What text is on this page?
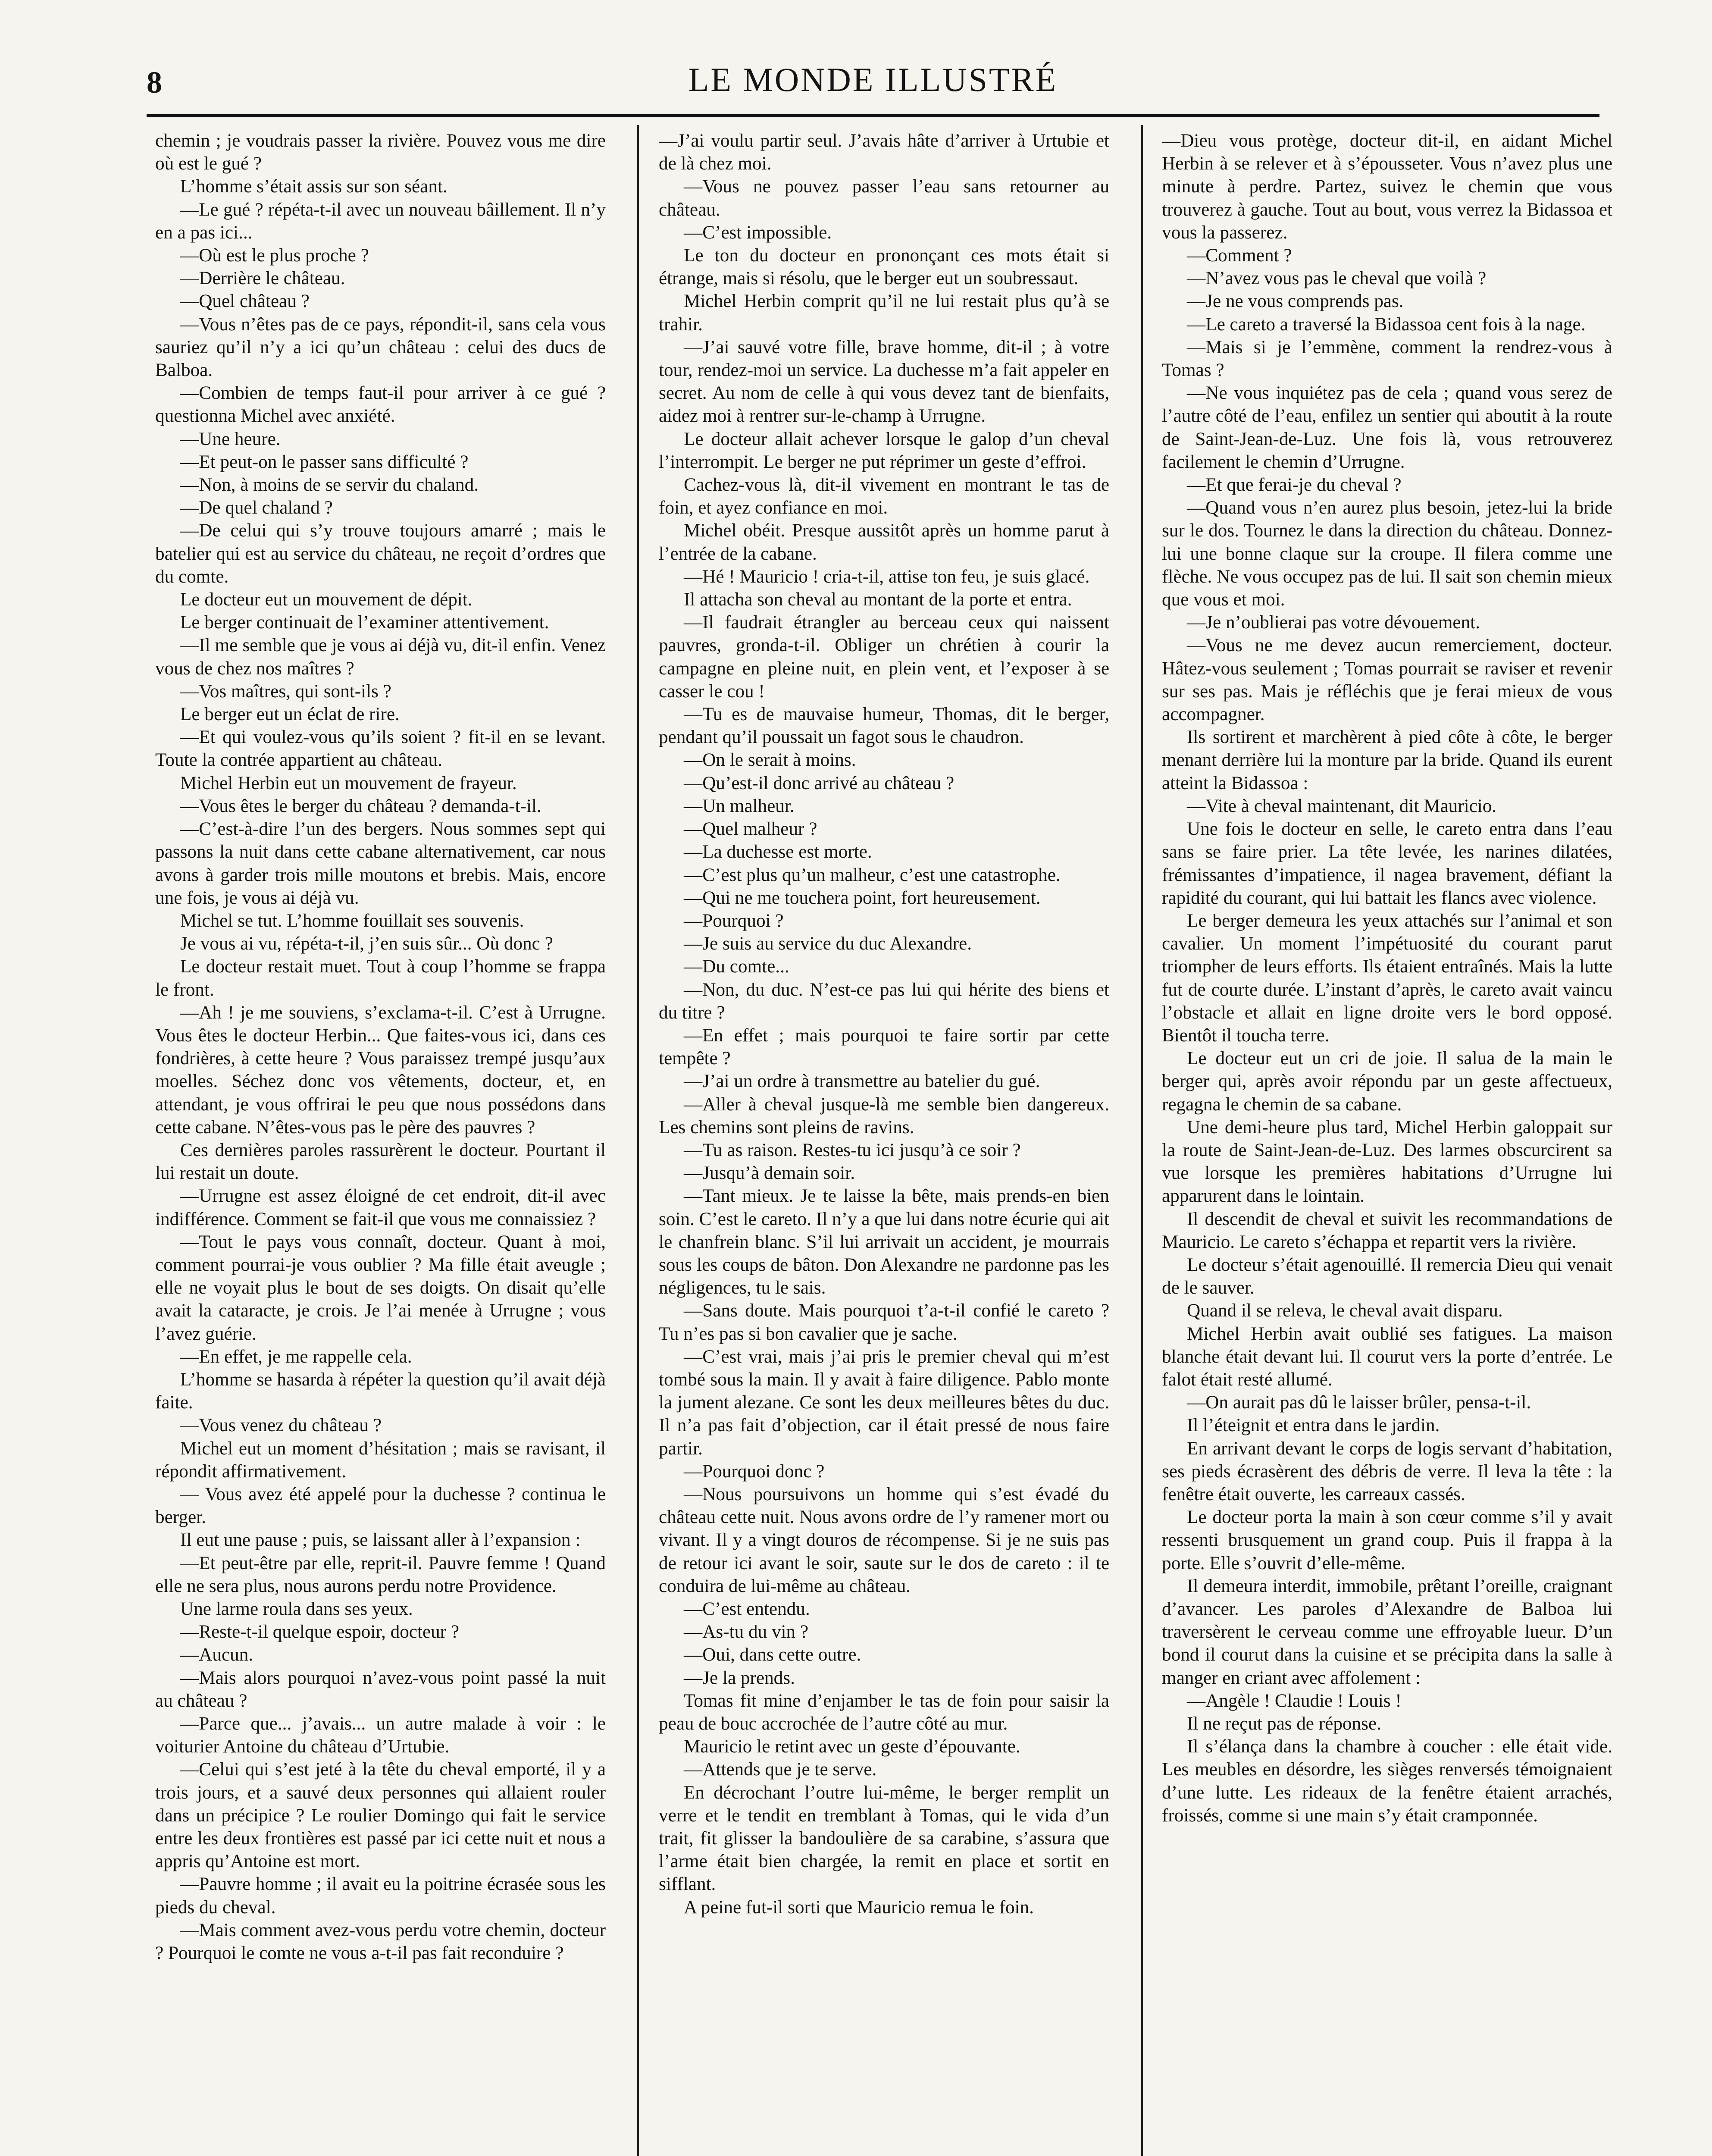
8	LE MONDE ILLUSTRÉ

chemin ; je voudrais passer la rivière. Pouvez vous me dire où est le gué ?

L’homme s’était assis sur son séant.

—Le gué ? répéta-t-il avec un nouveau bâillement. Il n’y en a pas ici...

—Où est le plus proche ?

—Derrière le château.

—Quel château ?

—Vous n’êtes pas de ce pays, répondit-il, sans cela vous sauriez qu’il n’y a ici qu’un château : celui des ducs de Balboa.

—Combien de temps faut-il pour arriver à ce gué ? questionna Michel avec anxiété.

—Une heure.

—Et peut-on le passer sans difficulté ?

—Non, à moins de se servir du chaland.

—De quel chaland ?

—De celui qui s’y trouve toujours amarré ; mais le batelier qui est au service du château, ne reçoit d’ordres que du comte.

Le docteur eut un mouvement de dépit.

Le berger continuait de l’examiner attentivement.

—Il me semble que je vous ai déjà vu, dit-il enfin. Venez vous de chez nos maîtres ?

—Vos maîtres, qui sont-ils ?

Le berger eut un éclat de rire.

—Et qui voulez-vous qu’ils soient ? fit-il en se levant. Toute la contrée appartient au château.

Michel Herbin eut un mouvement de frayeur.

—Vous êtes le berger du château ? demanda-t-il.

—C’est-à-dire l’un des bergers. Nous sommes sept qui passons la nuit dans cette cabane alternativement, car nous avons à garder trois mille moutons et brebis. Mais, encore une fois, je vous ai déjà vu.

Michel se tut. L’homme fouillait ses souvenis.

Je vous ai vu, répéta-t-il, j’en suis sûr... Où donc ?

Le docteur restait muet. Tout à coup l’homme se frappa le front.

—Ah ! je me souviens, s’exclama-t-il. C’est à Urrugne. Vous êtes le docteur Herbin... Que faites-vous ici, dans ces fondrières, à cette heure ? Vous paraissez trempé jusqu’aux moelles. Séchez donc vos vêtements, docteur, et, en attendant, je vous offrirai le peu que nous possédons dans cette cabane. N’êtes-vous pas le père des pauvres ?

Ces dernières paroles rassurèrent le docteur. Pourtant il lui restait un doute.

—Urrugne est assez éloigné de cet endroit, dit-il avec indifférence. Comment se fait-il que vous me connaissiez ?

—Tout le pays vous connaît, docteur. Quant à moi, comment pourrai-je vous oublier ? Ma fille était aveugle ; elle ne voyait plus le bout de ses doigts. On disait qu’elle avait la cataracte, je crois. Je l’ai menée à Urrugne ; vous l’avez guérie.

—En effet, je me rappelle cela.

L’homme se hasarda à répéter la question qu’il avait déjà faite.

—Vous venez du château ?

Michel eut un moment d’hésitation ; mais se ravisant, il répondit affirmativement.

— Vous avez été appelé pour la duchesse ? continua le berger.

Il eut une pause ; puis, se laissant aller à l’expansion :

—Et peut-être par elle, reprit-il. Pauvre femme ! Quand elle ne sera plus, nous aurons perdu notre Providence.

Une larme roula dans ses yeux.

—Reste-t-il quelque espoir, docteur ?

—Aucun.

—Mais alors pourquoi n’avez-vous point passé la nuit au château ?

—Parce que... j’avais... un autre malade à voir : le voiturier Antoine du château d’Urtubie.

—Celui qui s’est jeté à la tête du cheval emporté, il y a trois jours, et a sauvé deux personnes qui allaient rouler dans un précipice ? Le roulier Domingo qui fait le service entre les deux frontières est passé par ici cette nuit et nous a appris qu’Antoine est mort.

—Pauvre homme ; il avait eu la poitrine écrasée sous les pieds du cheval.

—Mais comment avez-vous perdu votre chemin, docteur ? Pourquoi le comte ne vous a-t-il pas fait reconduire ?

—J’ai voulu partir seul. J’avais hâte d’arriver à Urtubie et de là chez moi.

—Vous ne pouvez passer l’eau sans retourner au château.

—C’est impossible.

Le ton du docteur en prononçant ces mots était si étrange, mais si résolu, que le berger eut un soubressaut.

Michel Herbin comprit qu’il ne lui restait plus qu’à se trahir.

—J’ai sauvé votre fille, brave homme, dit-il ; à votre tour, rendez-moi un service. La duchesse m’a fait appeler en secret. Au nom de celle à qui vous devez tant de bienfaits, aidez moi à rentrer sur-le-champ à Urrugne.

Le docteur allait achever lorsque le galop d’un cheval l’interrompit. Le berger ne put réprimer un geste d’effroi.

Cachez-vous là, dit-il vivement en montrant le tas de foin, et ayez confiance en moi.

Michel obéit. Presque aussitôt après un homme parut à l’entrée de la cabane.

—Hé ! Mauricio ! cria-t-il, attise ton feu, je suis glacé.

Il attacha son cheval au montant de la porte et entra.

—Il faudrait étrangler au berceau ceux qui naissent pauvres, gronda-t-il. Obliger un chrétien à courir la campagne en pleine nuit, en plein vent, et l’exposer à se casser le cou !

—Tu es de mauvaise humeur, Thomas, dit le berger, pendant qu’il poussait un fagot sous le chaudron.

—On le serait à moins.

—Qu’est-il donc arrivé au château ?

—Un malheur.

—Quel malheur ?

—La duchesse est morte.

—C’est plus qu’un malheur, c’est une catastrophe.

—Qui ne me touchera point, fort heureusement.

—Pourquoi ?

—Je suis au service du duc Alexandre.

—Du comte...

—Non, du duc. N’est-ce pas lui qui hérite des biens et du titre ?

—En effet ; mais pourquoi te faire sortir par cette tempête ?

—J’ai un ordre à transmettre au batelier du gué.

—Aller à cheval jusque-là me semble bien dangereux. Les chemins sont pleins de ravins.

—Tu as raison. Restes-tu ici jusqu’à ce soir ?

—Jusqu’à demain soir.

—Tant mieux. Je te laisse la bête, mais prends-en bien soin. C’est le careto. Il n’y a que lui dans notre écurie qui ait le chanfrein blanc. S’il lui arrivait un accident, je mourrais sous les coups de bâton. Don Alexandre ne pardonne pas les négligences, tu le sais.

—Sans doute. Mais pourquoi t’a-t-il confié le careto ? Tu n’es pas si bon cavalier que je sache.

—C’est vrai, mais j’ai pris le premier cheval qui m’est tombé sous la main. Il y avait à faire diligence. Pablo monte la jument alezane. Ce sont les deux meilleures bêtes du duc. Il n’a pas fait d’objection, car il était pressé de nous faire partir.

—Pourquoi donc ?

—Nous poursuivons un homme qui s’est évadé du château cette nuit. Nous avons ordre de l’y ramener mort ou vivant. Il y a vingt douros de récompense. Si je ne suis pas de retour ici avant le soir, saute sur le dos de careto : il te conduira de lui-même au château.

—C’est entendu.

—As-tu du vin ?

—Oui, dans cette outre.

—Je la prends.

Tomas fit mine d’enjamber le tas de foin pour saisir la peau de bouc accrochée de l’autre côté au mur.

Mauricio le retint avec un geste d’épouvante.

—Attends que je te serve.

En décrochant l’outre lui-même, le berger remplit un verre et le tendit en tremblant à Tomas, qui le vida d’un trait, fit glisser la bandoulière de sa carabine, s’assura que l’arme était bien chargée, la remit en place et sortit en sifflant.

A peine fut-il sorti que Mauricio remua le foin.

—Dieu vous protège, docteur dit-il, en aidant Michel Herbin à se relever et à s’épousseter. Vous n’avez plus une minute à perdre. Partez, suivez le chemin que vous trouverez à gauche. Tout au bout, vous verrez la Bidassoa et vous la passerez.

—Comment ?

—N’avez vous pas le cheval que voilà ?

—Je ne vous comprends pas.

—Le careto a traversé la Bidassoa cent fois à la nage.

—Mais si je l’emmène, comment la rendrez-vous à Tomas ?

—Ne vous inquiétez pas de cela ; quand vous serez de l’autre côté de l’eau, enfilez un sentier qui aboutit à la route de Saint-Jean-de-Luz. Une fois là, vous retrouverez facilement le chemin d’Urrugne.

—Et que ferai-je du cheval ?

—Quand vous n’en aurez plus besoin, jetez-lui la bride sur le dos. Tournez le dans la direction du château. Donnez-lui une bonne claque sur la croupe. Il filera comme une flèche. Ne vous occupez pas de lui. Il sait son chemin mieux que vous et moi.

—Je n’oublierai pas votre dévouement.

—Vous ne me devez aucun remerciement, docteur. Hâtez-vous seulement ; Tomas pourrait se raviser et revenir sur ses pas. Mais je réfléchis que je ferai mieux de vous accompagner.

Ils sortirent et marchèrent à pied côte à côte, le berger menant derrière lui la monture par la bride. Quand ils eurent atteint la Bidassoa :

—Vite à cheval maintenant, dit Mauricio.

Une fois le docteur en selle, le careto entra dans l’eau sans se faire prier. La tête levée, les narines dilatées, frémissantes d’impatience, il nagea bravement, défiant la rapidité du courant, qui lui battait les flancs avec violence.

Le berger demeura les yeux attachés sur l’animal et son cavalier. Un moment l’impétuosité du courant parut triompher de leurs efforts. Ils étaient entraînés. Mais la lutte fut de courte durée. L’instant d’après, le careto avait vaincu l’obstacle et allait en ligne droite vers le bord opposé. Bientôt il toucha terre.

Le docteur eut un cri de joie. Il salua de la main le berger qui, après avoir répondu par un geste affectueux, regagna le chemin de sa cabane.

Une demi-heure plus tard, Michel Herbin galoppait sur la route de Saint-Jean-de-Luz. Des larmes obscurcirent sa vue lorsque les premières habitations d’Urrugne lui apparurent dans le lointain.

Il descendit de cheval et suivit les recommandations de Mauricio. Le careto s’échappa et repartit vers la rivière.

Le docteur s’était agenouillé. Il remercia Dieu qui venait de le sauver.

Quand il se releva, le cheval avait disparu.

Michel Herbin avait oublié ses fatigues. La maison blanche était devant lui. Il courut vers la porte d’entrée. Le falot était resté allumé.

—On aurait pas dû le laisser brûler, pensa-t-il.

Il l’éteignit et entra dans le jardin.

En arrivant devant le corps de logis servant d’habitation, ses pieds écrasèrent des débris de verre. Il leva la tête : la fenêtre était ouverte, les carreaux cassés.

Le docteur porta la main à son cœur comme s’il y avait ressenti brusquement un grand coup. Puis il frappa à la porte. Elle s’ouvrit d’elle-même.

Il demeura interdit, immobile, prêtant l’oreille, craignant d’avancer. Les paroles d’Alexandre de Balboa lui traversèrent le cerveau comme une effroyable lueur. D’un bond il courut dans la cuisine et se précipita dans la salle à manger en criant avec affolement :

—Angèle ! Claudie ! Louis !

Il ne reçut pas de réponse.

Il s’élança dans la chambre à coucher : elle était vide. Les meubles en désordre, les sièges renversés témoignaient d’une lutte. Les rideaux de la fenêtre étaient arrachés, froissés, comme si une main s’y était cramponnée.
